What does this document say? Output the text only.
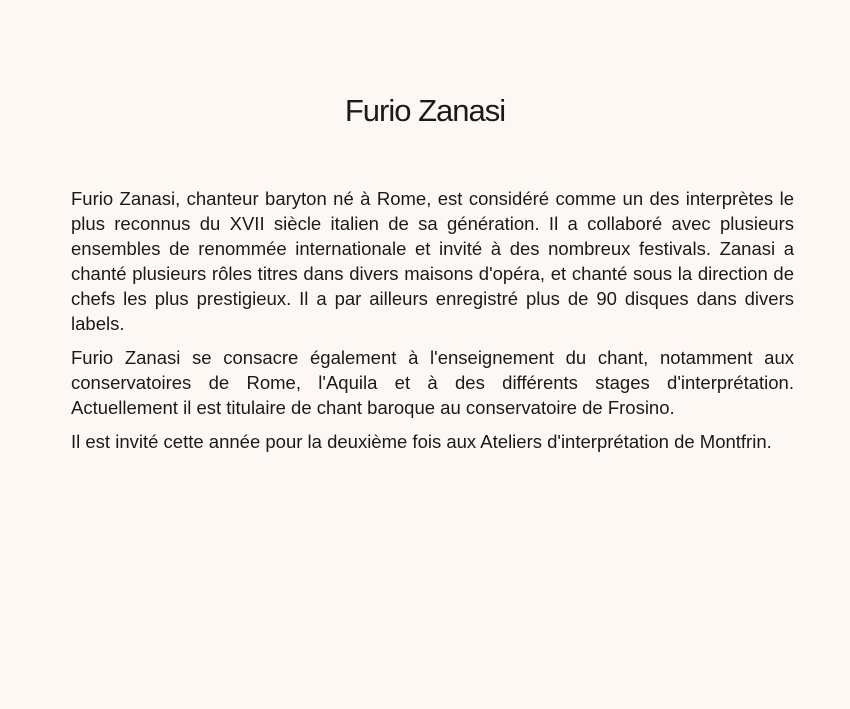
Furio Zanasi

Furio Zanasi, chanteur baryton né à Rome, est considéré comme un des interprètes le plus reconnus du XVII siècle italien de sa génération. Il a collaboré avec plusieurs ensembles de renommée internationale et invité à des nombreux festivals. Zanasi a chanté plusieurs rôles titres dans divers maisons d'opéra, et chanté sous la direction de chefs les plus prestigieux. Il a par ailleurs enregistré plus de 90 disques dans divers labels.

Furio Zanasi se consacre également à l'enseignement du chant, notamment aux conservatoires de Rome, l'Aquila et à des différents stages d'interprétation. Actuellement il est titulaire de chant baroque au conservatoire de Frosino.

Il est invité cette année pour la deuxième fois aux Ateliers d'interprétation de Montfrin.
